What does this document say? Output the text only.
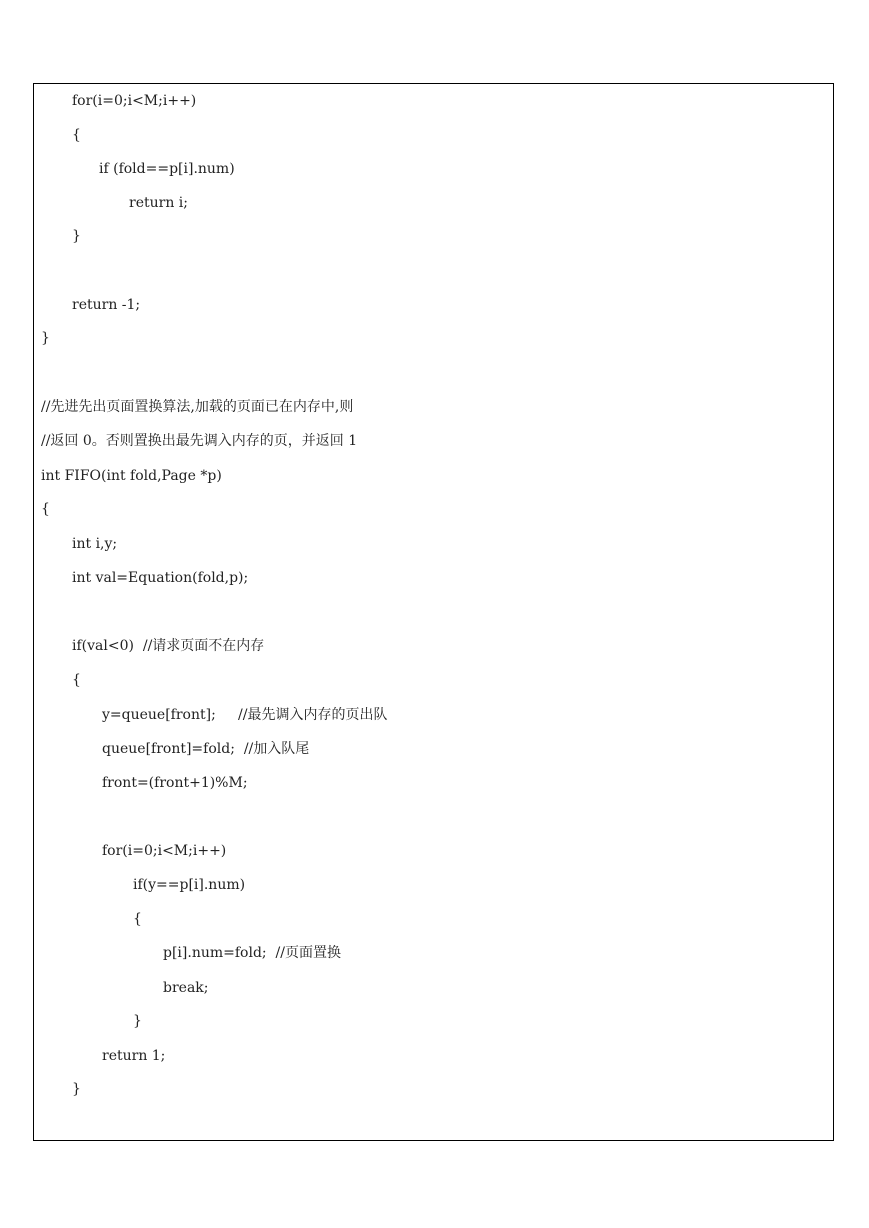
for(i=0;i<M;i++)
{
if (fold==p[i].num)
return i;
}
return -1;
}
//先进先出页面置换算法,加载的页面已在内存中,则
//返回 0。否则置换出最先调入内存的页，并返回 1
int FIFO(int fold,Page *p)
{
int i,y;
int val=Equation(fold,p);
if(val<0)  //请求页面不在内存
{
y=queue[front];     //最先调入内存的页出队
queue[front]=fold;  //加入队尾
front=(front+1)%M;
for(i=0;i<M;i++)
if(y==p[i].num)
{
p[i].num=fold;  //页面置换
break;
}
return 1;
}
